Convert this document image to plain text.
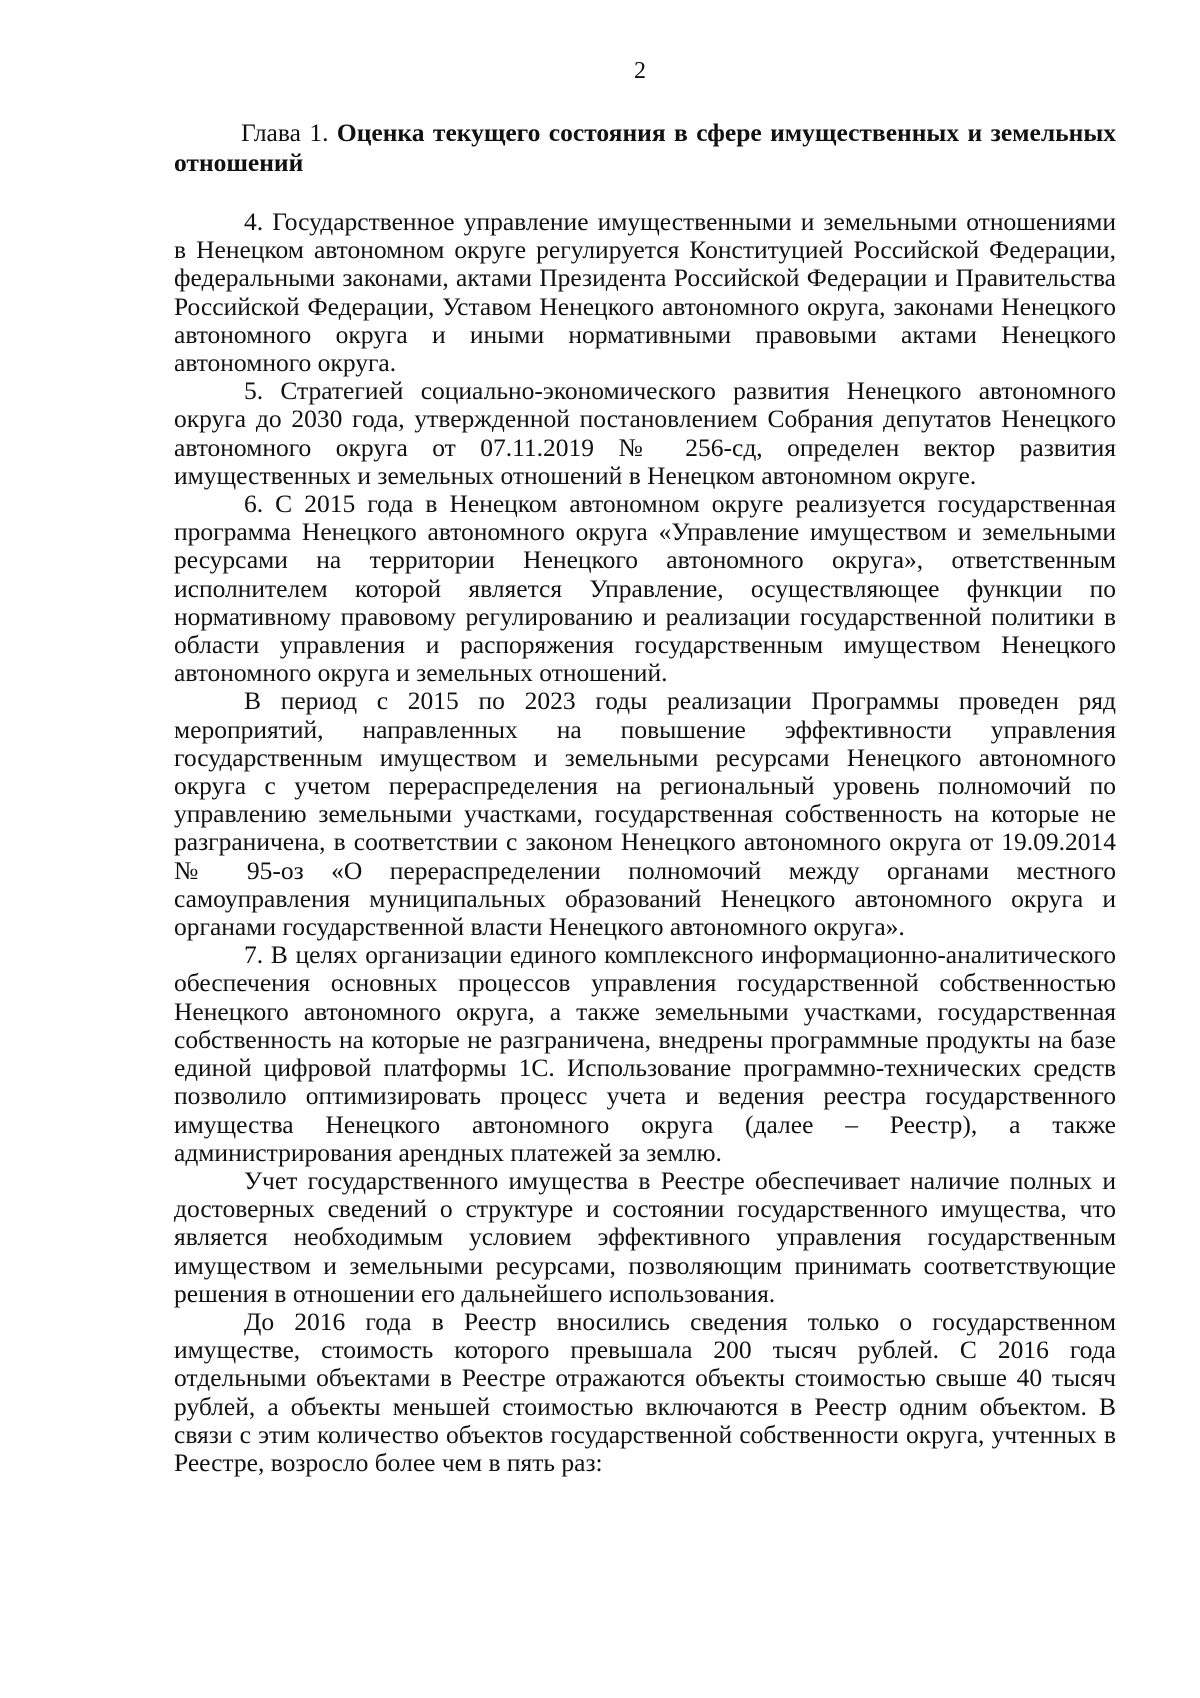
2
Глава 1. Оценка текущего состояния в сфере имущественных и земельных отношений

4. Государственное управление имущественными и земельными отношениями в Ненецком автономном округе регулируется Конституцией Российской Федерации, федеральными законами, актами Президента Российской Федерации и Правительства Российской Федерации, Уставом Ненецкого автономного округа, законами Ненецкого автономного округа и иными нормативными правовыми актами Ненецкого автономного округа.

5. Стратегией социально-экономического развития Ненецкого автономного округа до 2030 года, утвержденной постановлением Собрания депутатов Ненецкого автономного округа от 07.11.2019 № 256-сд, определен вектор развития имущественных и земельных отношений в Ненецком автономном округе.

6. С 2015 года в Ненецком автономном округе реализуется государственная программа Ненецкого автономного округа «Управление имуществом и земельными ресурсами на территории Ненецкого автономного округа», ответственным исполнителем которой является Управление, осуществляющее функции по нормативному правовому регулированию и реализации государственной политики в области управления и распоряжения государственным имуществом Ненецкого автономного округа и земельных отношений.

В период с 2015 по 2023 годы реализации Программы проведен ряд мероприятий, направленных на повышение эффективности управления государственным имуществом и земельными ресурсами Ненецкого автономного округа с учетом перераспределения на региональный уровень полномочий по управлению земельными участками, государственная собственность на которые не разграничена, в соответствии с законом Ненецкого автономного округа от 19.09.2014 № 95-оз «О перераспределении полномочий между органами местного самоуправления муниципальных образований Ненецкого автономного округа и органами государственной власти Ненецкого автономного округа».

7. В целях организации единого комплексного информационно-аналитического обеспечения основных процессов управления государственной собственностью Ненецкого автономного округа, а также земельными участками, государственная собственность на которые не разграничена, внедрены программные продукты на базе единой цифровой платформы 1С. Использование программно-технических средств позволило оптимизировать процесс учета и ведения реестра государственного имущества Ненецкого автономного округа (далее – Реестр), а также администрирования арендных платежей за землю.

Учет государственного имущества в Реестре обеспечивает наличие полных и достоверных сведений о структуре и состоянии государственного имущества, что является необходимым условием эффективного управления государственным имуществом и земельными ресурсами, позволяющим принимать соответствующие решения в отношении его дальнейшего использования.

До 2016 года в Реестр вносились сведения только о государственном имуществе, стоимость которого превышала 200 тысяч рублей. С 2016 года отдельными объектами в Реестре отражаются объекты стоимостью свыше 40 тысяч рублей, а объекты меньшей стоимостью включаются в Реестр одним объектом. В связи с этим количество объектов государственной собственности округа, учтенных в Реестре, возросло более чем в пять раз:
